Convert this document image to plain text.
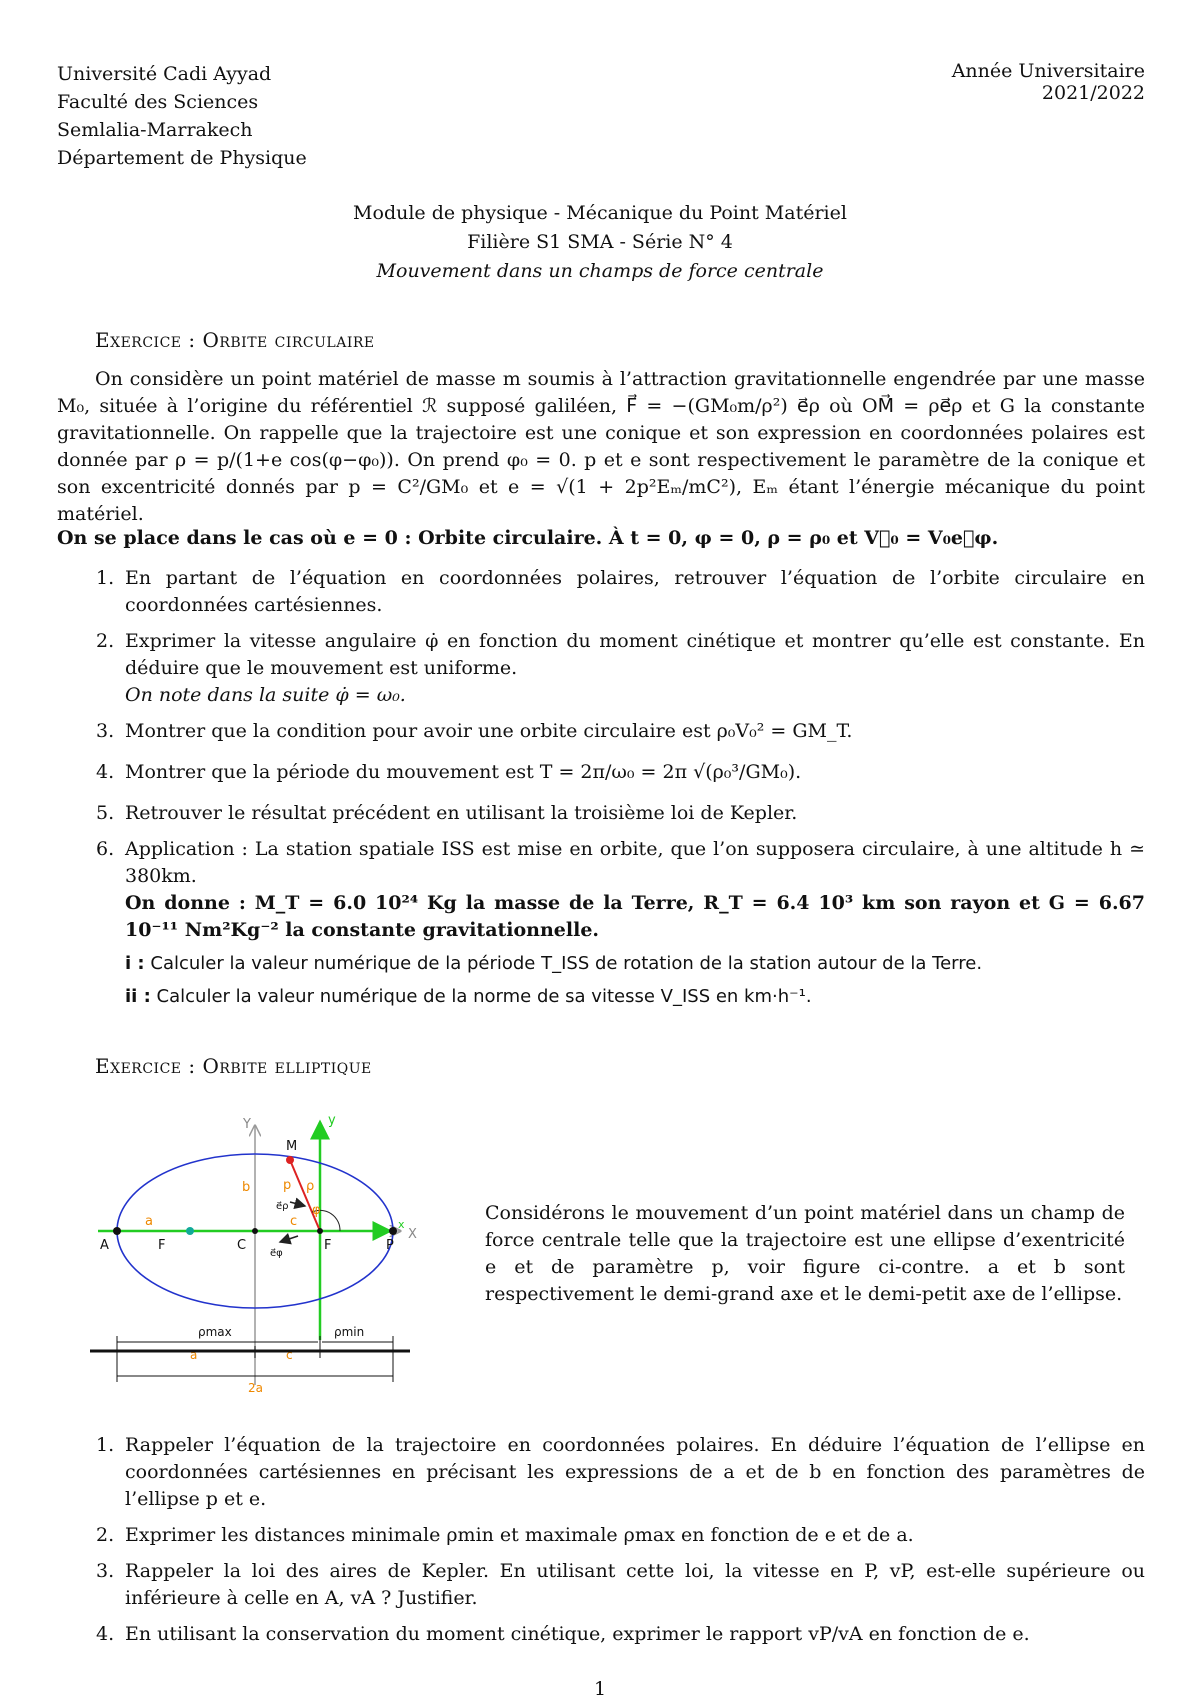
Université Cadi Ayyad
Faculté des Sciences
Semlalia-Marrakech
Département de Physique
Année Universitaire 2021/2022
Module de physique - Mécanique du Point Matériel
Filière S1 SMA - Série N° 4
Mouvement dans un champs de force centrale
Exercice : Orbite circulaire
On considère un point matériel de masse m soumis à l’attraction gravitationnelle engendrée par une masse M₀, située à l’origine du référentiel ℛ supposé galiléen, F⃗ = −(GM₀m/ρ²) e⃗ρ où OM⃗ = ρe⃗ρ et G la constante gravitationnelle. On rappelle que la trajectoire est une conique et son expression en coordonnées polaires est donnée par ρ = p/(1+e cos(φ−φ₀)). On prend φ₀ = 0. p et e sont respectivement le paramètre de la conique et son excentricité donnés par p = C²/GM₀ et e = √(1 + 2p²Eₘ/mC²), Eₘ étant l’énergie mécanique du point matériel.
On se place dans le cas où e = 0 : Orbite circulaire. À t = 0, φ = 0, ρ = ρ₀ et V⃗₀ = V₀e⃗φ.
1. En partant de l’équation en coordonnées polaires, retrouver l’équation de l’orbite circulaire en coordonnées cartésiennes.
2. Exprimer la vitesse angulaire φ̇ en fonction du moment cinétique et montrer qu’elle est constante. En déduire que le mouvement est uniforme.
On note dans la suite φ̇ = ω₀.
3. Montrer que la condition pour avoir une orbite circulaire est ρ₀V₀² = GM_T.
4. Montrer que la période du mouvement est T = 2π/ω₀ = 2π √(ρ₀³/GM₀).
5. Retrouver le résultat précédent en utilisant la troisième loi de Kepler.
6. Application : La station spatiale ISS est mise en orbite, que l’on supposera circulaire, à une altitude h ≃ 380km.
On donne : M_T = 6.0 10²⁴ Kg la masse de la Terre, R_T = 6.4 10³ km son rayon et G = 6.67 10⁻¹¹ Nm²Kg⁻² la constante gravitationnelle.
i : Calculer la valeur numérique de la période T_ISS de rotation de la station autour de la Terre.
ii : Calculer la valeur numérique de la norme de sa vitesse V_ISS en km·h⁻¹.
Exercice : Orbite elliptique
Y	y
x
X
M
A	F	C	F	P
a
b
c
p ρ
φ
e⃗ρ
e⃗φ
ρmax	ρmin
a	c
2a
Considérons le mouvement d’un point matériel dans un champ de force centrale telle que la trajectoire est une ellipse d’exentricité e et de paramètre p, voir figure ci-contre. a et b sont respectivement le demi-grand axe et le demi-petit axe de l’ellipse.
1. Rappeler l’équation de la trajectoire en coordonnées polaires. En déduire l’équation de l’ellipse en coordonnées cartésiennes en précisant les expressions de a et de b en fonction des paramètres de l’ellipse p et e.
2. Exprimer les distances minimale ρmin et maximale ρmax en fonction de e et de a.
3. Rappeler la loi des aires de Kepler. En utilisant cette loi, la vitesse en P, vP, est-elle supérieure ou inférieure à celle en A, vA ? Justifier.
4. En utilisant la conservation du moment cinétique, exprimer le rapport vP/vA en fonction de e.
1
